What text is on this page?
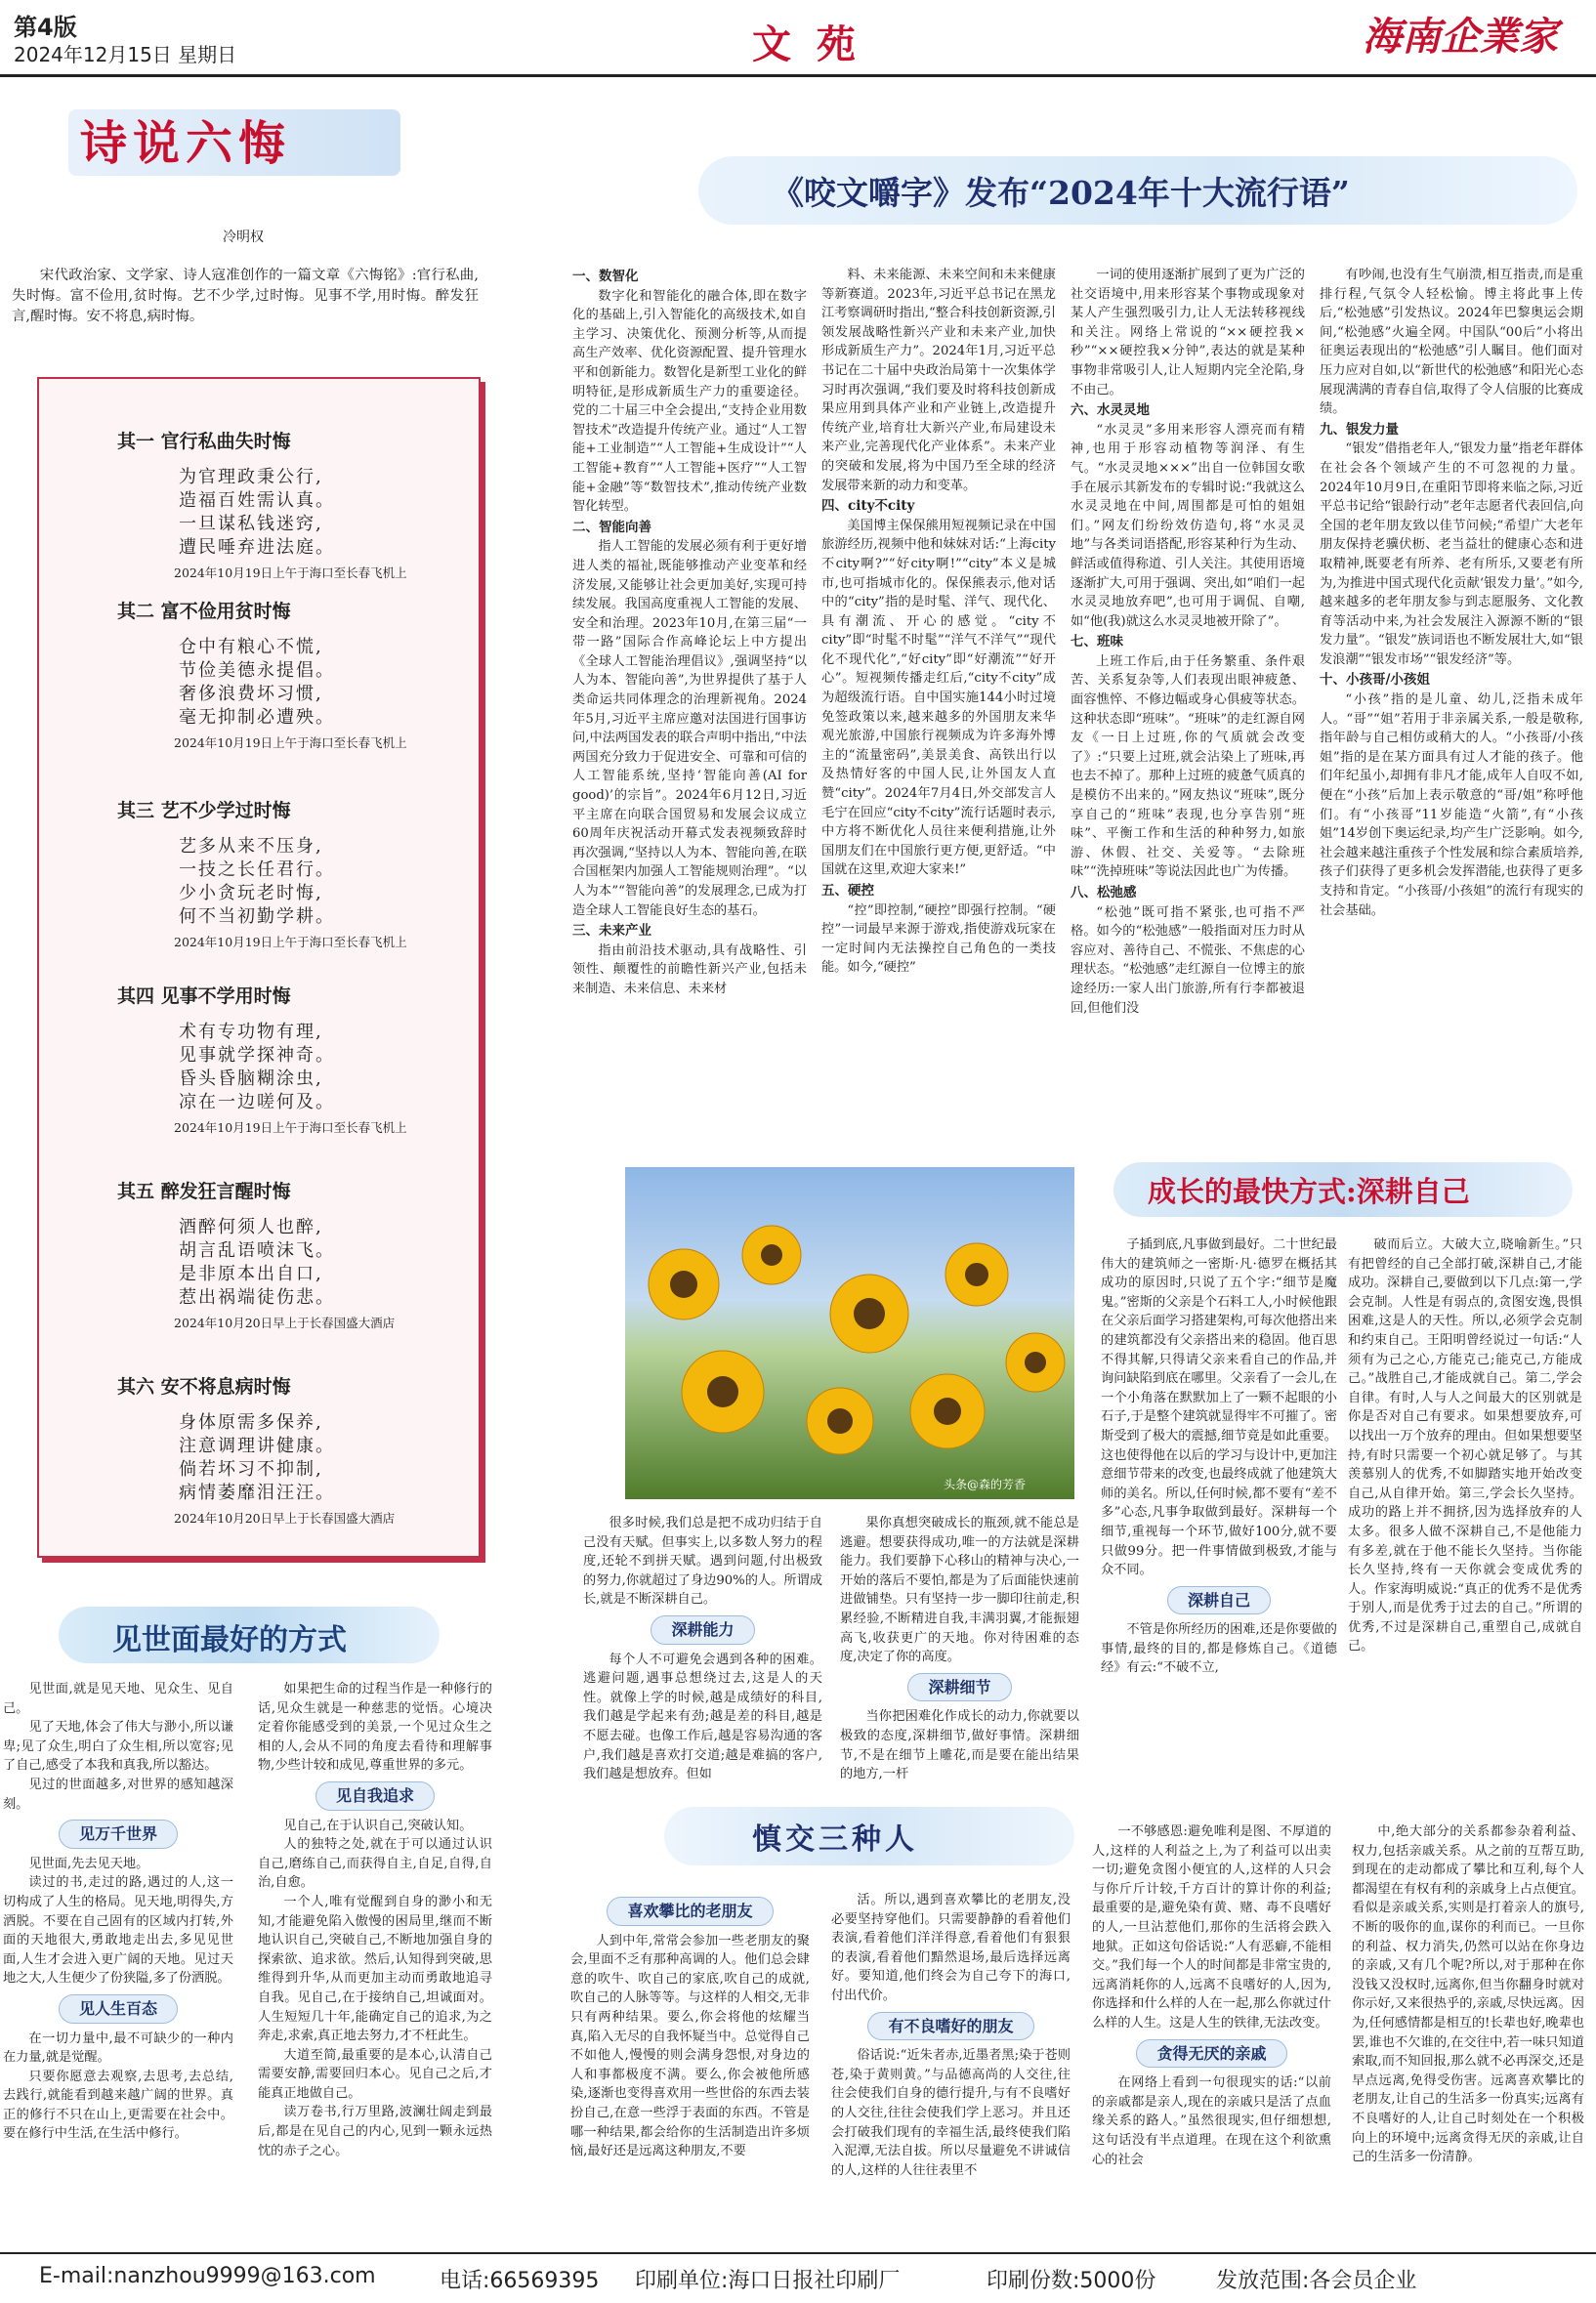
第4版
2024年12月15日 星期日	文 苑	海南企業家
诗说六悔
冷明权

宋代政治家、文学家、诗人寇准创作的一篇文章《六悔铭》:官行私曲,失时悔。富不俭用,贫时悔。艺不少学,过时悔。见事不学,用时悔。醉发狂言,醒时悔。安不将息,病时悔。

其一 官行私曲失时悔
为官理政秉公行,
造福百姓需认真。
一旦谋私钱迷窍,
遭民唾弃进法庭。
2024年10月19日上午于海口至长春飞机上
其二 富不俭用贫时悔
仓中有粮心不慌,
节俭美德永提倡。
奢侈浪费坏习惯,
毫无抑制必遭殃。
2024年10月19日上午于海口至长春飞机上
其三 艺不少学过时悔
艺多从来不压身,
一技之长任君行。
少小贪玩老时悔,
何不当初勤学耕。
2024年10月19日上午于海口至长春飞机上
其四 见事不学用时悔
术有专功物有理,
见事就学探神奇。
昏头昏脑糊涂虫,
凉在一边嗟何及。
2024年10月19日上午于海口至长春飞机上
其五 醉发狂言醒时悔
酒醉何须人也醉,
胡言乱语喷沫飞。
是非原本出自口,
惹出祸端徒伤悲。
2024年10月20日早上于长春国盛大酒店
其六 安不将息病时悔
身体原需多保养,
注意调理讲健康。
倘若坏习不抑制,
病情萎靡泪汪汪。
2024年10月20日早上于长春国盛大酒店
《咬文嚼字》发布“2024年十大流行语”
一、数智化

数字化和智能化的融合体,即在数字化的基础上,引入智能化的高级技术,如自主学习、决策优化、预测分析等,从而提高生产效率、优化资源配置、提升管理水平和创新能力。数智化是新型工业化的鲜明特征,是形成新质生产力的重要途径。党的二十届三中全会提出,“支持企业用数智技术”改造提升传统产业。通过“人工智能+工业制造”“人工智能+生成设计”“人工智能+教育”“人工智能+医疗”“人工智能+金融”等“数智技术”,推动传统产业数智化转型。

二、智能向善

指人工智能的发展必须有利于更好增进人类的福祉,既能够推动产业变革和经济发展,又能够让社会更加美好,实现可持续发展。我国高度重视人工智能的发展、安全和治理。2023年10月,在第三届“一带一路”国际合作高峰论坛上中方提出《全球人工智能治理倡议》,强调坚持“以人为本、智能向善”,为世界提供了基于人类命运共同体理念的治理新视角。2024年5月,习近平主席应邀对法国进行国事访问,中法两国发表的联合声明中指出,“中法两国充分致力于促进安全、可靠和可信的人工智能系统,坚持‘智能向善(AI for good)’的宗旨”。2024年6月12日,习近平主席在向联合国贸易和发展会议成立60周年庆祝活动开幕式发表视频致辞时再次强调,“坚持以人为本、智能向善,在联合国框架内加强人工智能规则治理”。“以人为本”“智能向善”的发展理念,已成为打造全球人工智能良好生态的基石。

三、未来产业

指由前沿技术驱动,具有战略性、引领性、颠覆性的前瞻性新兴产业,包括未来制造、未来信息、未来材

料、未来能源、未来空间和未来健康等新赛道。2023年,习近平总书记在黑龙江考察调研时指出,“整合科技创新资源,引领发展战略性新兴产业和未来产业,加快形成新质生产力”。2024年1月,习近平总书记在二十届中央政治局第十一次集体学习时再次强调,“我们要及时将科技创新成果应用到具体产业和产业链上,改造提升传统产业,培育壮大新兴产业,布局建设未来产业,完善现代化产业体系”。未来产业的突破和发展,将为中国乃至全球的经济发展带来新的动力和变革。

四、city不city

美国博主保保熊用短视频记录在中国旅游经历,视频中他和妹妹对话:“上海city不city啊?”“好city啊!”“city”本义是城市,也可指城市化的。保保熊表示,他对话中的“city”指的是时髦、洋气、现代化、具有潮流、开心的感觉。“city不city”即“时髦不时髦”“洋气不洋气”“现代化不现代化”,“好city”即“好潮流”“好开心”。短视频传播走红后,“city不city”成为超级流行语。自中国实施144小时过境免签政策以来,越来越多的外国朋友来华观光旅游,中国旅行视频成为许多海外博主的“流量密码”,美景美食、高铁出行以及热情好客的中国人民,让外国友人直赞“city”。2024年7月4日,外交部发言人毛宁在回应“city不city”流行话题时表示,中方将不断优化人员往来便利措施,让外国朋友们在中国旅行更方便,更舒适。“中国就在这里,欢迎大家来!”

五、硬控

“控”即控制,“硬控”即强行控制。“硬控”一词最早来源于游戏,指使游戏玩家在一定时间内无法操控自己角色的一类技能。如今,“硬控”

一词的使用逐渐扩展到了更为广泛的社交语境中,用来形容某个事物或现象对某人产生强烈吸引力,让人无法转移视线和关注。网络上常说的“××硬控我×秒”“××硬控我×分钟”,表达的就是某种事物非常吸引人,让人短期内完全沦陷,身不由己。

六、水灵灵地

“水灵灵”多用来形容人漂亮而有精神,也用于形容动植物等润泽、有生气。“水灵灵地×××”出自一位韩国女歌手在展示其新发布的专辑时说:“我就这么水灵灵地在中间,周围都是可怕的姐姐们。”网友们纷纷效仿造句,将“水灵灵地”与各类词语搭配,形容某种行为生动、鲜活或值得称道、引人关注。其使用语境逐渐扩大,可用于强调、突出,如“咱们一起水灵灵地放弃吧”,也可用于调侃、自嘲,如“他(我)就这么水灵灵地被开除了”。

七、班味

上班工作后,由于任务繁重、条件艰苦、关系复杂等,人们表现出眼神疲惫、面容憔悴、不修边幅或身心俱疲等状态。这种状态即“班味”。“班味”的走红源自网友《一日上过班,你的气质就会改变了》:“只要上过班,就会沾染上了班味,再也去不掉了。那种上过班的疲惫气质真的是模仿不出来的。”网友热议“班味”,既分享自己的“班味”表现,也分享告别“班味”、平衡工作和生活的种种努力,如旅游、休假、社交、关爱等。“去除班味”“洗掉班味”等说法因此也广为传播。

八、松弛感

“松弛”既可指不紧张,也可指不严格。如今的“松弛感”一般指面对压力时从容应对、善待自己、不慌张、不焦虑的心理状态。“松弛感”走红源自一位博主的旅途经历:一家人出门旅游,所有行李都被退回,但他们没

有吵闹,也没有生气崩溃,相互指责,而是重排行程,气氛令人轻松愉。博主将此事上传后,“松弛感”引发热议。2024年巴黎奥运会期间,“松弛感”火遍全网。中国队“00后”小将出征奥运表现出的“松弛感”引人瞩目。他们面对压力应对自如,以“新世代的松弛感”和阳光心态展现满满的青春自信,取得了令人信服的比赛成绩。

九、银发力量

“银发”借指老年人,“银发力量”指老年群体在社会各个领域产生的不可忽视的力量。2024年10月9日,在重阳节即将来临之际,习近平总书记给“银龄行动”老年志愿者代表回信,向全国的老年朋友致以佳节问候;“希望广大老年朋友保持老骥伏枥、老当益壮的健康心态和进取精神,既要老有所养、老有所乐,又要老有所为,为推进中国式现代化贡献‘银发力量’。”如今,越来越多的老年朋友参与到志愿服务、文化教育等活动中来,为社会发展注入源源不断的“银发力量”。“银发”族词语也不断发展壮大,如“银发浪潮”“银发市场”“银发经济”等。

十、小孩哥/小孩姐

“小孩”指的是儿童、幼儿,泛指未成年人。“哥”“姐”若用于非亲属关系,一般是敬称,指年龄与自己相仿或稍大的人。“小孩哥/小孩姐”指的是在某方面具有过人才能的孩子。他们年纪虽小,却拥有非凡才能,成年人自叹不如,便在“小孩”后加上表示敬意的“哥/姐”称呼他们。有“小孩哥”11岁能造“火箭”,有“小孩姐”14岁创下奥运纪录,均产生广泛影响。如今,社会越来越注重孩子个性发展和综合素质培养,孩子们获得了更多机会发挥潜能,也获得了更多支持和肯定。“小孩哥/小孩姐”的流行有现实的社会基础。

头条@森的芳香
成长的最快方式:深耕自己

很多时候,我们总是把不成功归结于自己没有天赋。但事实上,以多数人努力的程度,还轮不到拼天赋。遇到问题,付出极致的努力,你就超过了身边90%的人。所谓成长,就是不断深耕自己。

深耕能力

每个人不可避免会遇到各种的困难。逃避问题,遇事总想绕过去,这是人的天性。就像上学的时候,越是成绩好的科目,我们越是学起来有劲;越是差的科目,越是不愿去碰。也像工作后,越是容易沟通的客户,我们越是喜欢打交道;越是难搞的客户,我们越是想放弃。但如

果你真想突破成长的瓶颈,就不能总是逃避。想要获得成功,唯一的方法就是深耕能力。我们要静下心移山的精神与决心,一开始的落后不要怕,都是为了后面能快速前进做铺垫。只有坚持一步一脚印往前走,积累经验,不断精进自我,丰满羽翼,才能振翅高飞,收获更广的天地。你对待困难的态度,决定了你的高度。

深耕细节

当你把困难化作成长的动力,你就要以极致的态度,深耕细节,做好事情。深耕细节,不是在细节上雕花,而是要在能出结果的地方,一杆

子插到底,凡事做到最好。二十世纪最伟大的建筑师之一密斯·凡·德罗在概括其成功的原因时,只说了五个字:“细节是魔鬼。”密斯的父亲是个石料工人,小时候他跟在父亲后面学习搭建架构,可每次他搭出来的建筑都没有父亲搭出来的稳固。他百思不得其解,只得请父亲来看自己的作品,并询问缺陷到底在哪里。父亲看了一会儿,在一个小角落在默默加上了一颗不起眼的小石子,于是整个建筑就显得牢不可摧了。密斯受到了极大的震撼,细节竟是如此重要。这也使得他在以后的学习与设计中,更加注意细节带来的改变,也最终成就了他建筑大师的美名。所以,任何时候,都不要有“差不多”心态,凡事争取做到最好。深耕每一个细节,重视每一个环节,做好100分,就不要只做99分。把一件事情做到极致,才能与众不同。

深耕自己

不管是你所经历的困难,还是你要做的事情,最终的目的,都是修炼自己。《道德经》有云:“不破不立,

破而后立。大破大立,晓喻新生。”只有把曾经的自己全部打破,深耕自己,才能成功。深耕自己,要做到以下几点:第一,学会克制。人性是有弱点的,贪图安逸,畏惧困难,这是人的天性。所以,必须学会克制和约束自己。王阳明曾经说过一句话:“人须有为己之心,方能克己;能克己,方能成己。”战胜自己,才能成就自己。第二,学会自律。有时,人与人之间最大的区别就是你是否对自己有要求。如果想要放弃,可以找出一万个放弃的理由。但如果想要坚持,有时只需要一个初心就足够了。与其羡慕别人的优秀,不如脚踏实地开始改变自己,从自律开始。第三,学会长久坚持。成功的路上并不拥挤,因为选择放弃的人太多。很多人做不深耕自己,不是他能力有多差,就在于他不能长久坚持。当你能长久坚持,终有一天你就会变成优秀的人。作家海明威说:“真正的优秀不是优秀于别人,而是优秀于过去的自己。”所谓的优秀,不过是深耕自己,重塑自己,成就自己。

见世面最好的方式

见世面,就是见天地、见众生、见自己。

见了天地,体会了伟大与渺小,所以谦卑;见了众生,明白了众生相,所以宽容;见了自己,感受了本我和真我,所以豁达。

见过的世面越多,对世界的感知越深刻。

见万千世界

见世面,先去见天地。

读过的书,走过的路,遇过的人,这一切构成了人生的格局。见天地,明得失,方洒脱。不要在自己固有的区域内打转,外面的天地很大,勇敢地走出去,多见见世面,人生才会进入更广阔的天地。见过天地之大,人生便少了份狭隘,多了份洒脱。

见人生百态

在一切力量中,最不可缺少的一种内在力量,就是觉醒。

只要你愿意去观察,去思考,去总结,去践行,就能看到越来越广阔的世界。真正的修行不只在山上,更需要在社会中。要在修行中生活,在生活中修行。

如果把生命的过程当作是一种修行的话,见众生就是一种慈悲的觉悟。心境决定着你能感受到的美景,一个见过众生之相的人,会从不同的角度去看待和理解事物,少些计较和成见,尊重世界的多元。

见自我追求

见自己,在于认识自己,突破认知。

人的独特之处,就在于可以通过认识自己,磨练自己,而获得自主,自足,自得,自治,自愈。

一个人,唯有觉醒到自身的渺小和无知,才能避免陷入傲慢的困局里,继而不断地认识自己,突破自己,不断地加强自身的探索欲、追求欲。然后,认知得到突破,思维得到升华,从而更加主动而勇敢地追寻自我。见自己,在于接纳自己,坦诚面对。人生短短几十年,能确定自己的追求,为之奔走,求索,真正地去努力,才不枉此生。

大道至简,最重要的是本心,认清自己需要安静,需要回归本心。见自己之后,才能真正地做自己。

读万卷书,行万里路,波澜壮阔走到最后,都是在见自己的内心,见到一颗永远热忱的赤子之心。

慎交三种人
喜欢攀比的老朋友

人到中年,常常会参加一些老朋友的聚会,里面不乏有那种高调的人。他们总会肆意的吹牛、吹自己的家底,吹自己的成就,吹自己的人脉等等。与这样的人相交,无非只有两种结果。要么,你会将他的炫耀当真,陷入无尽的自我怀疑当中。总觉得自己不如他人,慢慢的则会满身怨恨,对身边的人和事都极度不满。要么,你会被他所感染,逐渐也变得喜欢用一些世俗的东西去装扮自己,在意一些浮于表面的东西。不管是哪一种结果,都会给你的生活制造出许多烦恼,最好还是远离这种朋友,不要

活。所以,遇到喜欢攀比的老朋友,没必要坚持穿他们。只需要静静的看着他们表演,看着他们洋洋得意,看着他们有狠狠的表演,看着他们黯然退场,最后选择远离好。要知道,他们终会为自己夸下的海口,付出代价。

有不良嗜好的朋友

俗话说:“近朱者赤,近墨者黑;染于苍则苍,染于黄则黄。”与品德高尚的人交往,往往会使我们自身的德行提升,与有不良嗜好的人交往,往往会使我们学上恶习。并且还会打破我们现有的幸福生活,最终使我们陷入泥潭,无法自拔。所以尽量避免不讲诚信的人,这样的人往往表里不

一不够感恩:避免唯利是图、不厚道的人,这样的人利益之上,为了利益可以出卖一切;避免贪图小便宜的人,这样的人只会与你斤斤计较,千方百计的算计你的利益;最重要的是,避免染有黄、赌、毒不良嗜好的人,一旦沾惹他们,那你的生活将会跌入地狱。正如这句俗话说:“人有恶癖,不能相交。”我们每一个人的时间都是非常宝贵的,远离消耗你的人,远离不良嗜好的人,因为,你选择和什么样的人在一起,那么你就过什么样的人生。这是人生的铁律,无法改变。

贪得无厌的亲戚

在网络上看到一句很现实的话:“以前的亲戚都是亲人,现在的亲戚只是活了点血缘关系的路人。”虽然很现实,但仔细想想,这句话没有半点道理。在现在这个利欲熏心的社会

中,绝大部分的关系都参杂着利益、权力,包括亲戚关系。从之前的互帮互助,到现在的走动都成了攀比和互利,每个人都渴望在有权有利的亲戚身上占点便宜。看似是亲戚关系,实则是打着亲人的旗号,不断的吸你的血,谋你的利而已。一旦你的利益、权力消失,仍然可以站在你身边的亲戚,又有几个呢?所以,对于那种在你没钱又没权时,远离你,但当你翻身时就对你示好,又来很热乎的,亲戚,尽快远离。因为,任何感情都是相互的!长辈也好,晚辈也罢,谁也不欠谁的,在交往中,若一味只知道索取,而不知回报,那么就不必再深交,还是早点远离,免得受伤害。远离喜欢攀比的老朋友,让自己的生活多一份真实;远离有不良嗜好的人,让自己时刻处在一个积极向上的环境中;远离贪得无厌的亲戚,让自己的生活多一份清静。

E-mail:nanzhou9999@163.com	电话:66569395 印刷单位:海口日报社印刷厂	印刷份数:5000份	发放范围:各会员企业
